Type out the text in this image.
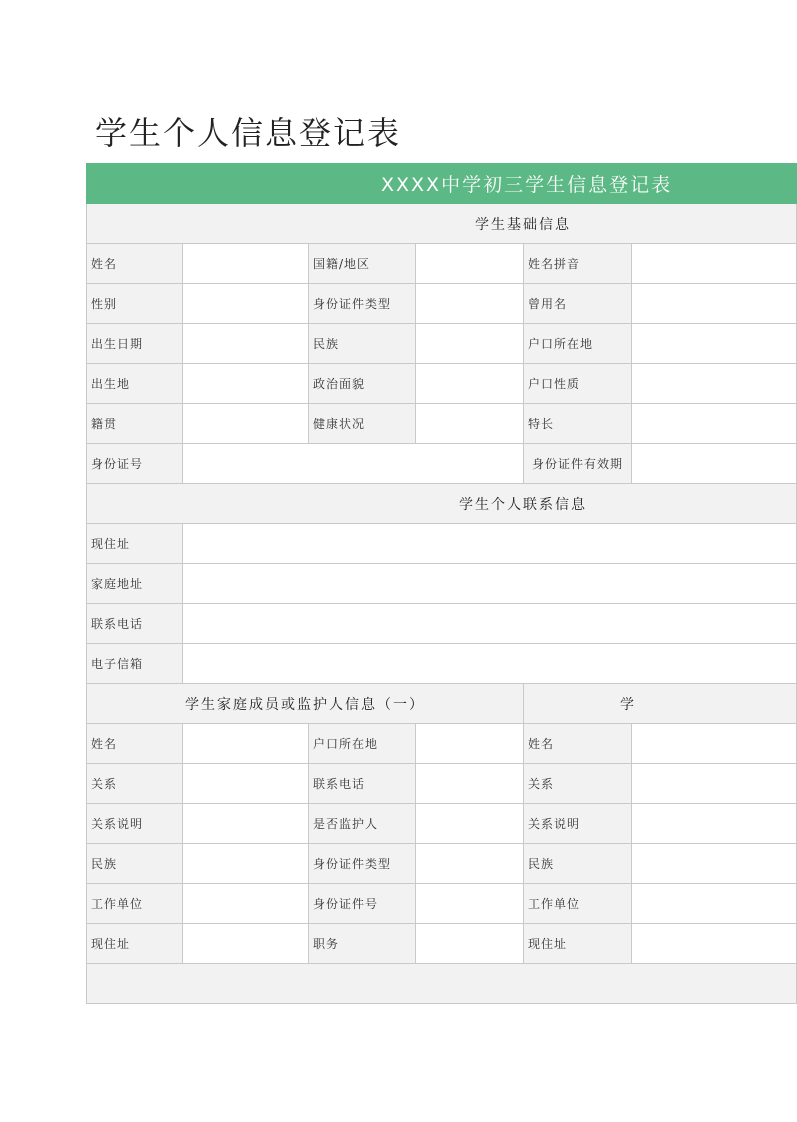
学生个人信息登记表
XXXX中学初三学生信息登记表					
学生基础信息					
姓名		国籍/地区		姓名拼音	
性别		身份证件类型		曾用名	
出生日期		民族		户口所在地	
出生地		政治面貌		户口性质	
籍贯		健康状况		特长	
身份证号				身份证件有效期	
学生个人联系信息					
现住址					
家庭地址					
联系电话					
电子信箱					
学生家庭成员或监护人信息（一）				学	
姓名		户口所在地		姓名	
关系		联系电话		关系	
关系说明		是否监护人		关系说明	
民族		身份证件类型		民族	
工作单位		身份证件号		工作单位	
现住址		职务		现住址	
